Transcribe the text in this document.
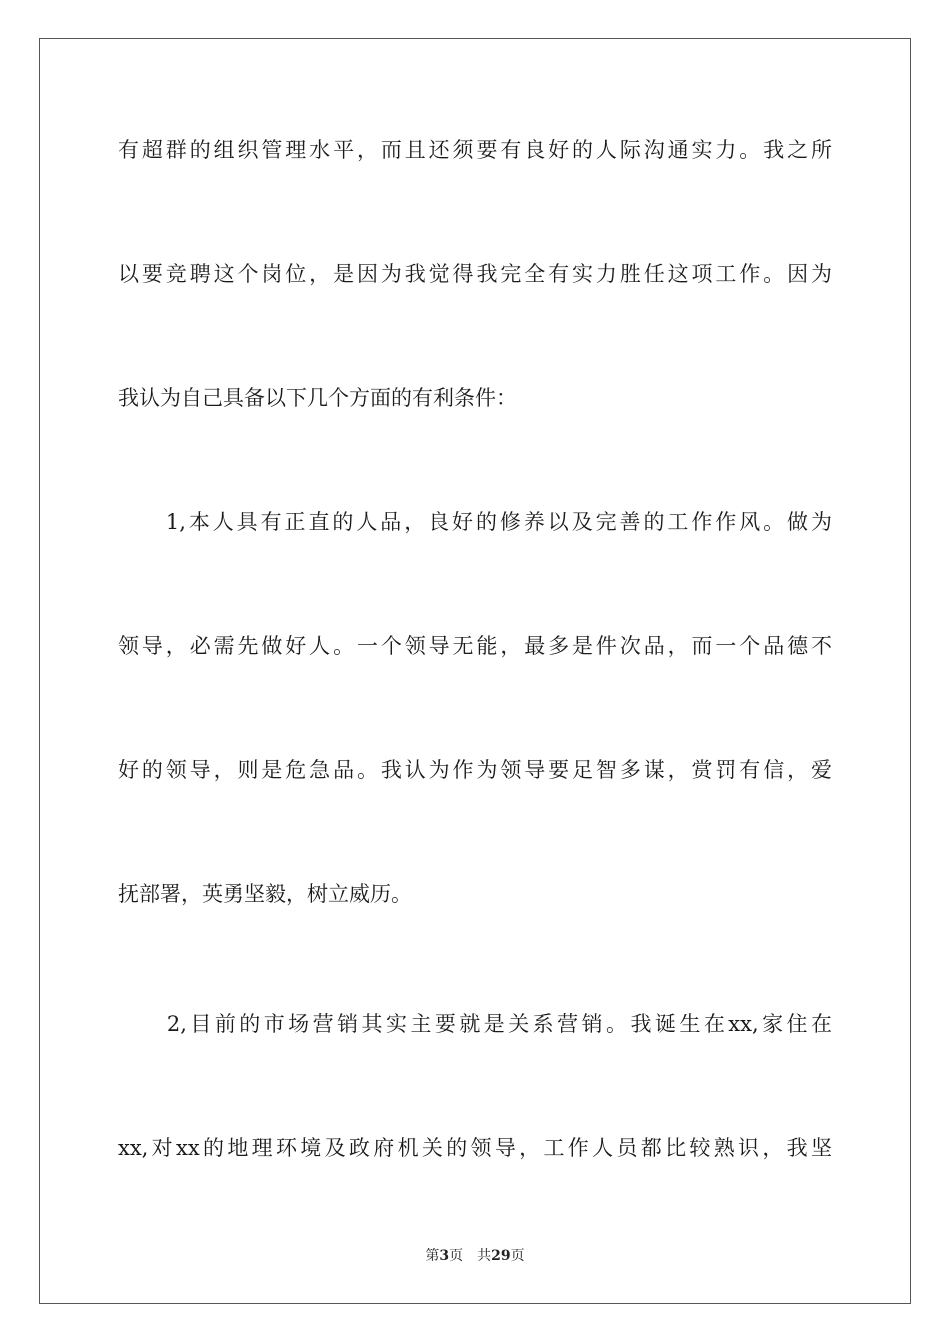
有超群的组织管理水平，而且还须要有良好的人际沟通实力。我之所
以要竞聘这个岗位，是因为我觉得我完全有实力胜任这项工作。因为
我认为自己具备以下几个方面的有利条件：
　　1,本人具有正直的人品，良好的修养以及完善的工作作风。做为
领导，必需先做好人。一个领导无能，最多是件次品，而一个品德不
好的领导，则是危急品。我认为作为领导要足智多谋，赏罚有信，爱
抚部署，英勇坚毅，树立威历。
　　2,目前的市场营销其实主要就是关系营销。我诞生在xx,家住在
xx,对xx的地理环境及政府机关的领导，工作人员都比较熟识，我坚
第3页 共29页
